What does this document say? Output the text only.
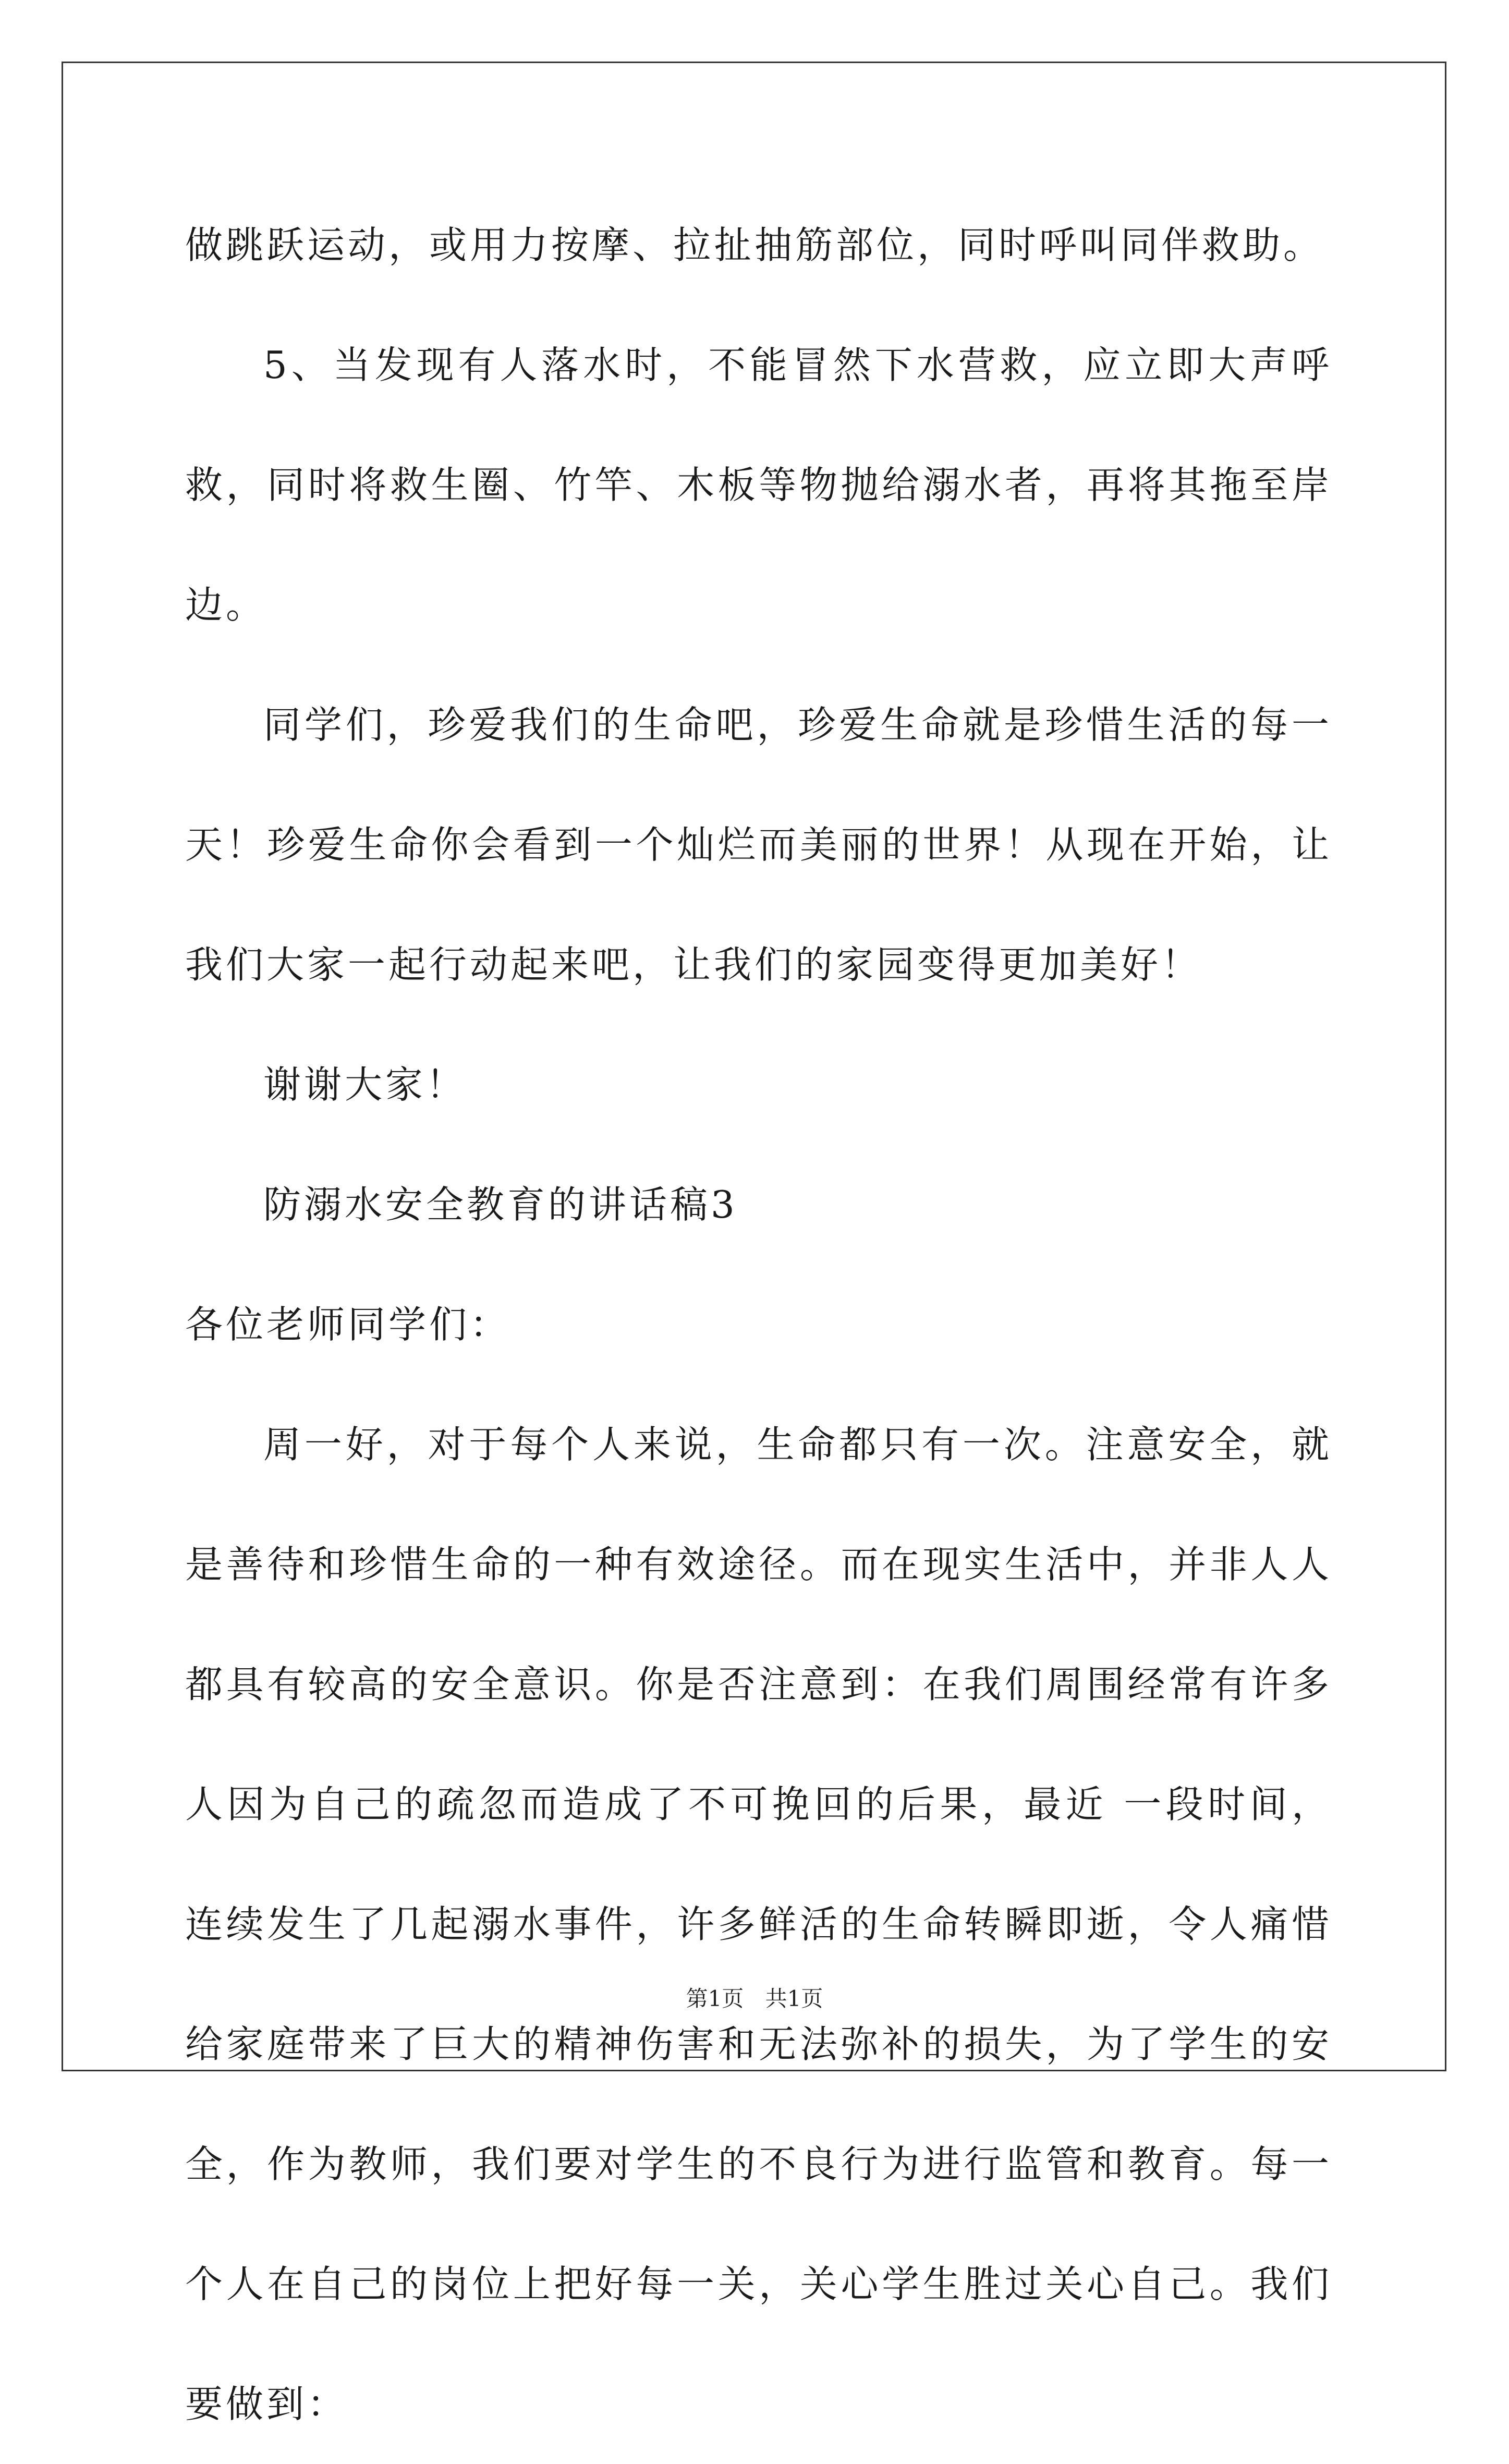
做跳跃运动，或用力按摩、拉扯抽筋部位，同时呼叫同伴救助。

5、当发现有人落水时，不能冒然下水营救，应立即大声呼救，同时将救生圈、竹竿、木板等物抛给溺水者，再将其拖至岸边。

同学们，珍爱我们的生命吧，珍爱生命就是珍惜生活的每一天！珍爱生命你会看到一个灿烂而美丽的世界！从现在开始，让我们大家一起行动起来吧，让我们的家园变得更加美好！

谢谢大家！

防溺水安全教育的讲话稿3

各位老师同学们：

周一好，对于每个人来说，生命都只有一次。注意安全，就是善待和珍惜生命的一种有效途径。而在现实生活中，并非人人都具有较高的安全意识。你是否注意到：在我们周围经常有许多人因为自己的疏忽而造成了不可挽回的后果，最近 一段时间，连续发生了几起溺水事件，许多鲜活的生命转瞬即逝，令人痛惜给家庭带来了巨大的精神伤害和无法弥补的损失，为了学生的安全，作为教师，我们要对学生的不良行为进行监管和教育。每一个人在自己的岗位上把好每一关，关心学生胜过关心自己。我们要做到：

第1页 共1页
